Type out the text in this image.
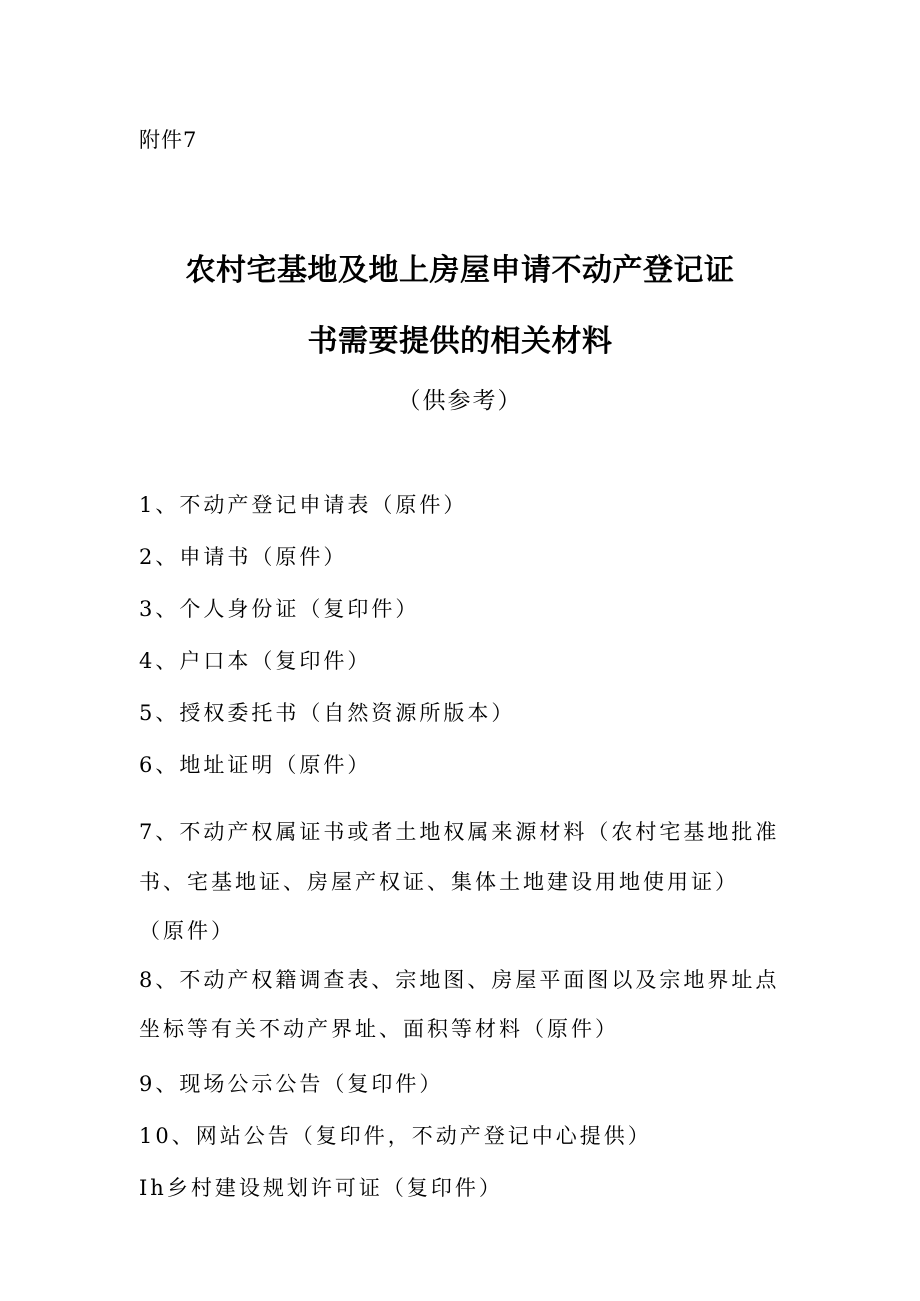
附件7
农村宅基地及地上房屋申请不动产登记证
书需要提供的相关材料
（供参考）
1、不动产登记申请表（原件）
2、申请书（原件）
3、个人身份证（复印件）
4、户口本（复印件）
5、授权委托书（自然资源所版本）
6、地址证明（原件）
7、不动产权属证书或者土地权属来源材料（农村宅基地批准
书、宅基地证、房屋产权证、集体土地建设用地使用证）
（原件）
8、不动产权籍调查表、宗地图、房屋平面图以及宗地界址点
坐标等有关不动产界址、面积等材料（原件）
9、现场公示公告（复印件）
10、网站公告（复印件，不动产登记中心提供）
Ih乡村建设规划许可证（复印件）
